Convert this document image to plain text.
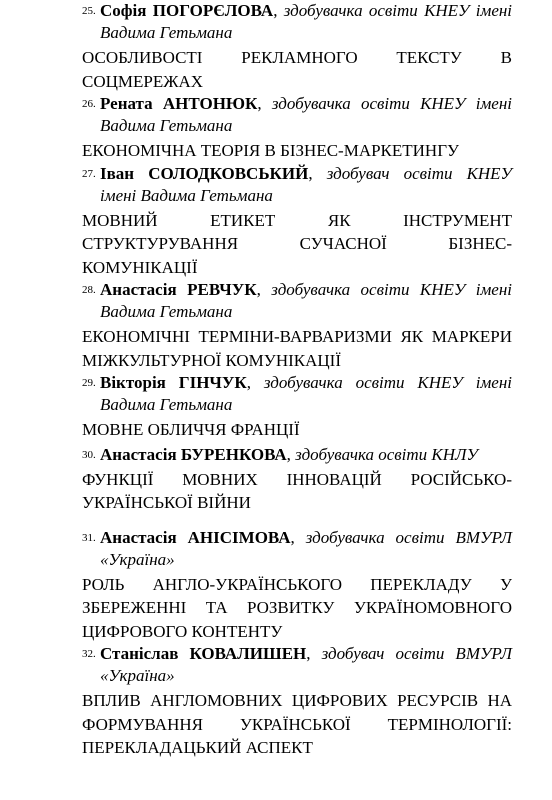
25. Софія ПОГОРЄЛОВА, здобувачка освіти КНЕУ імені Вадима Гетьмана
ОСОБЛИВОСТІ РЕКЛАМНОГО ТЕКСТУ В СОЦМЕРЕЖАХ
26. Рената АНТОНЮК, здобувачка освіти КНЕУ імені Вадима Гетьмана
ЕКОНОМІЧНА ТЕОРІЯ В БІЗНЕС-МАРКЕТИНГУ
27. Іван СОЛОДКОВСЬКИЙ, здобувач освіти КНЕУ імені Вадима Гетьмана
МОВНИЙ ЕТИКЕТ ЯК ІНСТРУМЕНТ СТРУКТУРУВАННЯ СУЧАСНОЇ БІЗНЕС-КОМУНІКАЦІЇ
28. Анастасія РЕВЧУК, здобувачка освіти КНЕУ імені Вадима Гетьмана
ЕКОНОМІЧНІ ТЕРМІНИ-ВАРВАРИЗМИ ЯК МАРКЕРИ МІЖКУЛЬТУРНОЇ КОМУНІКАЦІЇ
29. Вікторія ГІНЧУК, здобувачка освіти КНЕУ імені Вадима Гетьмана
МОВНЕ ОБЛИЧЧЯ ФРАНЦІЇ
30. Анастасія БУРЕНКОВА, здобувачка освіти КНЛУ
ФУНКЦІЇ МОВНИХ ІННОВАЦІЙ РОСІЙСЬКО-УКРАЇНСЬКОЇ ВІЙНИ
31. Анастасія АНІСІМОВА, здобувачка освіти ВМУРЛ «Україна»
РОЛЬ АНГЛО-УКРАЇНСЬКОГО ПЕРЕКЛАДУ У ЗБЕРЕЖЕННІ ТА РОЗВИТКУ УКРАЇНОМОВНОГО ЦИФРОВОГО КОНТЕНТУ
32. Станіслав КОВАЛИШЕН, здобувач освіти ВМУРЛ «Україна»
ВПЛИВ АНГЛОМОВНИХ ЦИФРОВИХ РЕСУРСІВ НА ФОРМУВАННЯ УКРАЇНСЬКОЇ ТЕРМІНОЛОГІЇ: ПЕРЕКЛАДАЦЬКИЙ АСПЕКТ
